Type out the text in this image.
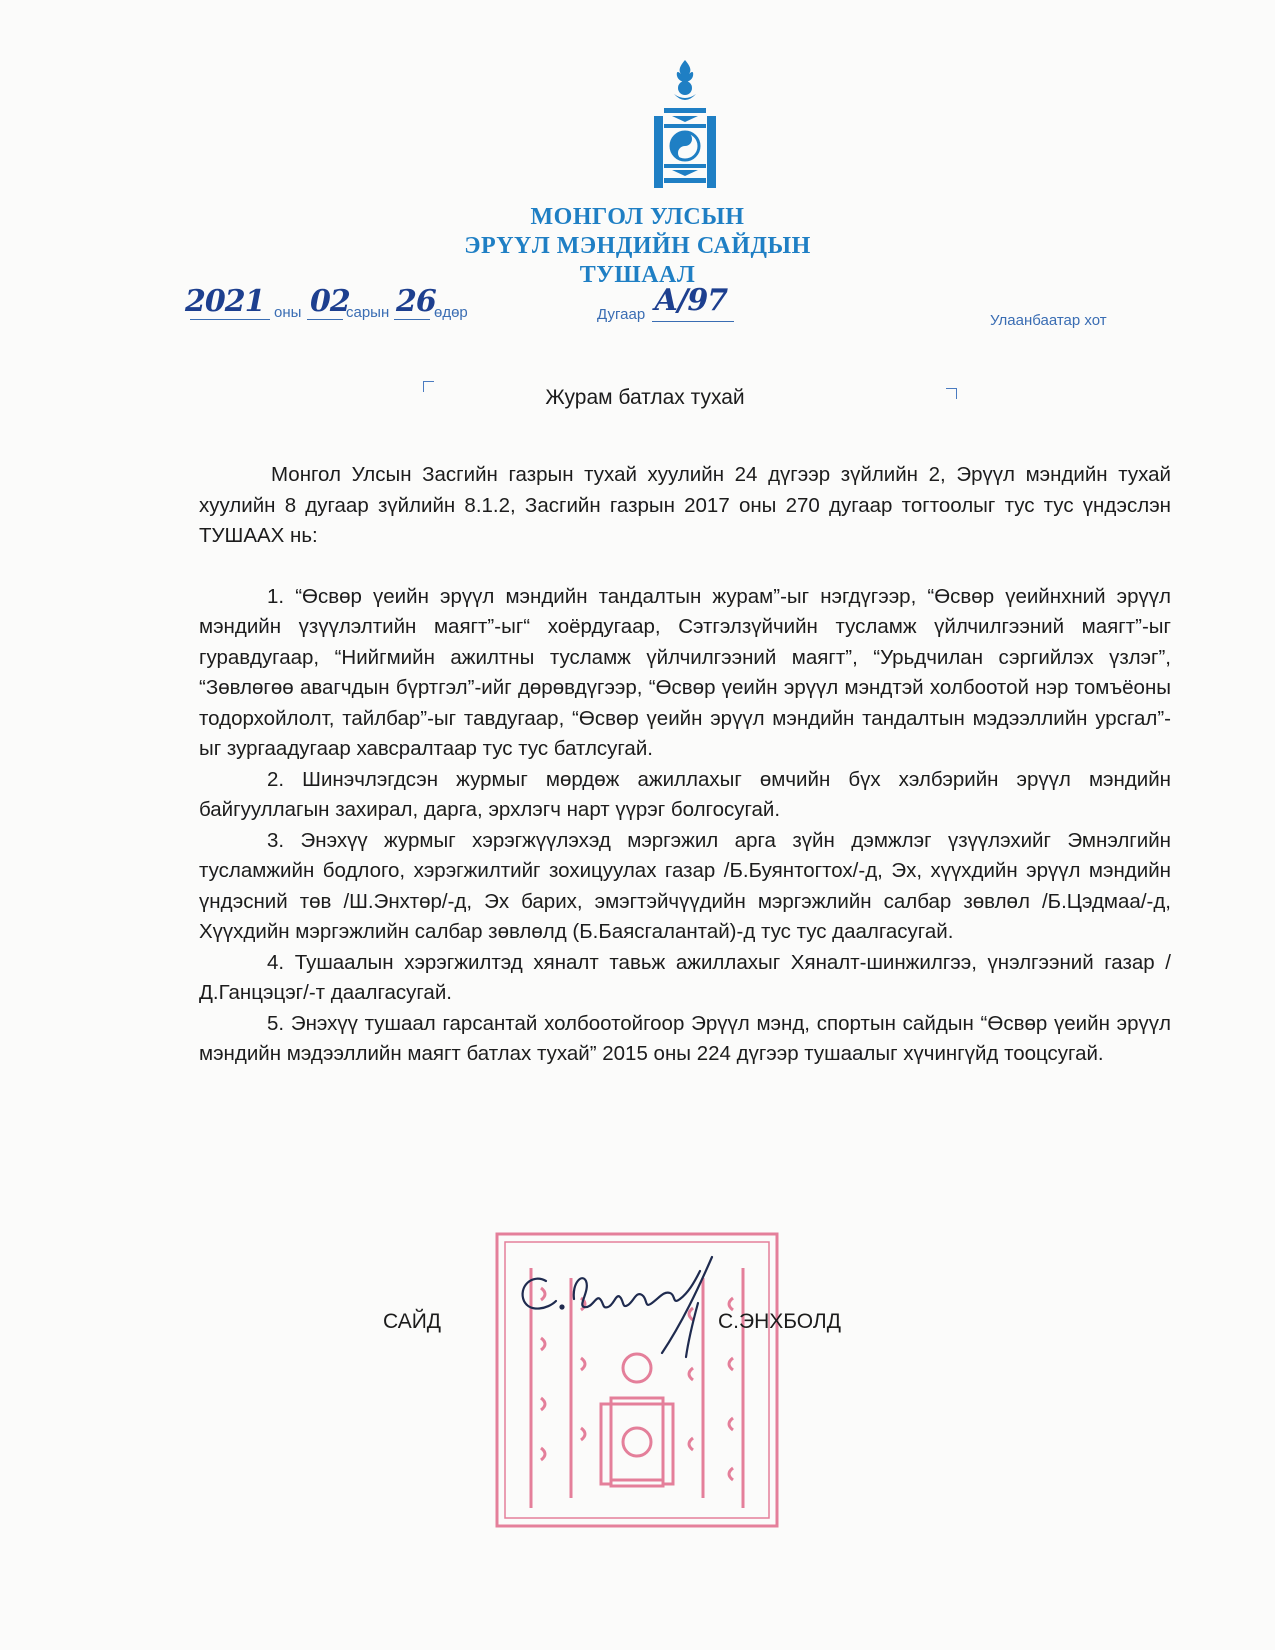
МОНГОЛ УЛСЫН
ЭРҮҮЛ МЭНДИЙН САЙДЫН
ТУШААЛ
2021 оны 02
сарын 26
өдөр	Дугаар А/97
Улаанбаатар хот
Журам батлах тухай

Монгол Улсын Засгийн газрын тухай хуулийн 24 дүгээр зүйлийн 2, Эрүүл мэндийн тухай хуулийн 8 дугаар зүйлийн 8.1.2, Засгийн газрын 2017 оны 270 дугаар тогтоолыг тус тус үндэслэн ТУШААХ нь:

1. “Өсвөр үеийн эрүүл мэндийн тандалтын журам”-ыг нэгдүгээр, “Өсвөр үеийнхний эрүүл мэндийн үзүүлэлтийн маягт”-ыг“ хоёрдугаар, Сэтгэлзүйчийн тусламж үйлчилгээний маягт”-ыг гуравдугаар, “Нийгмийн ажилтны тусламж үйлчилгээний маягт”, “Урьдчилан сэргийлэх үзлэг”, “Зөвлөгөө авагчдын бүртгэл”-ийг дөрөвдүгээр, “Өсвөр үеийн эрүүл мэндтэй холбоотой нэр томъёоны тодорхойлолт, тайлбар”-ыг тавдугаар, “Өсвөр үеийн эрүүл мэндийн тандалтын мэдээллийн урсгал”-ыг зургаадугаар хавсралтаар тус тус батлсугай.

2. Шинэчлэгдсэн журмыг мөрдөж ажиллахыг өмчийн бүх хэлбэрийн эрүүл мэндийн байгууллагын захирал, дарга, эрхлэгч нарт үүрэг болгосугай.

3. Энэхүү журмыг хэрэгжүүлэхэд мэргэжил арга зүйн дэмжлэг үзүүлэхийг Эмнэлгийн тусламжийн бодлого, хэрэгжилтийг зохицуулах газар /Б.Буянтогтох/-д, Эх, хүүхдийн эрүүл мэндийн үндэсний төв /Ш.Энхтөр/-д, Эх барих, эмэгтэйчүүдийн мэргэжлийн салбар зөвлөл /Б.Цэдмаа/-д, Хүүхдийн мэргэжлийн салбар зөвлөлд (Б.Баясгалантай)-д тус тус даалгасугай.

4. Тушаалын хэрэгжилтэд хяналт тавьж ажиллахыг Хяналт-шинжилгээ, үнэлгээний газар /Д.Ганцэцэг/-т даалгасугай.

5. Энэхүү тушаал гарсантай холбоотойгоор Эрүүл мэнд, спортын сайдын “Өсвөр үеийн эрүүл мэндийн мэдээллийн маягт батлах тухай” 2015 оны 224 дүгээр тушаалыг хүчингүйд тооцсугай.

САЙД	С.ЭНХБОЛД
